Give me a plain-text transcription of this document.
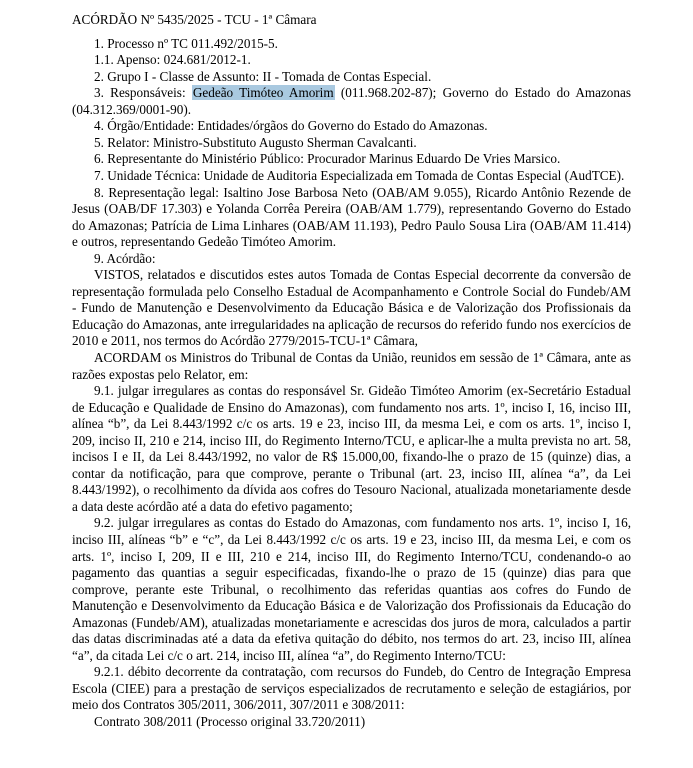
ACÓRDÃO Nº 5435/2025 - TCU - 1ª Câmara

1. Processo nº TC 011.492/2015-5.

1.1. Apenso: 024.681/2012-1.

2. Grupo I - Classe de Assunto: II - Tomada de Contas Especial.

3. Responsáveis: Gedeão Timóteo Amorim (011.968.202-87); Governo do Estado do Amazonas (04.312.369/0001-90).

4. Órgão/Entidade: Entidades/órgãos do Governo do Estado do Amazonas.

5. Relator: Ministro-Substituto Augusto Sherman Cavalcanti.

6. Representante do Ministério Público: Procurador Marinus Eduardo De Vries Marsico.

7. Unidade Técnica: Unidade de Auditoria Especializada em Tomada de Contas Especial (AudTCE).

8. Representação legal: Isaltino Jose Barbosa Neto (OAB/AM 9.055), Ricardo Antônio Rezende de Jesus (OAB/DF 17.303) e Yolanda Corrêa Pereira (OAB/AM 1.779), representando Governo do Estado do Amazonas; Patrícia de Lima Linhares (OAB/AM 11.193), Pedro Paulo Sousa Lira (OAB/AM 11.414) e outros, representando Gedeão Timóteo Amorim.

9. Acórdão:

VISTOS, relatados e discutidos estes autos Tomada de Contas Especial decorrente da conversão de representação formulada pelo Conselho Estadual de Acompanhamento e Controle Social do Fundeb/AM - Fundo de Manutenção e Desenvolvimento da Educação Básica e de Valorização dos Profissionais da Educação do Amazonas, ante irregularidades na aplicação de recursos do referido fundo nos exercícios de 2010 e 2011, nos termos do Acórdão 2779/2015-TCU-1ª Câmara,

ACORDAM os Ministros do Tribunal de Contas da União, reunidos em sessão de 1ª Câmara, ante as razões expostas pelo Relator, em:

9.1. julgar irregulares as contas do responsável Sr. Gideão Timóteo Amorim (ex-Secretário Estadual de Educação e Qualidade de Ensino do Amazonas), com fundamento nos arts. 1º, inciso I, 16, inciso III, alínea “b”, da Lei 8.443/1992 c/c os arts. 19 e 23, inciso III, da mesma Lei, e com os arts. 1º, inciso I, 209, inciso II, 210 e 214, inciso III, do Regimento Interno/TCU, e aplicar-lhe a multa prevista no art. 58, incisos I e II, da Lei 8.443/1992, no valor de R$ 15.000,00, fixando-lhe o prazo de 15 (quinze) dias, a contar da notificação, para que comprove, perante o Tribunal (art. 23, inciso III, alínea “a”, da Lei 8.443/1992), o recolhimento da dívida aos cofres do Tesouro Nacional, atualizada monetariamente desde a data deste acórdão até a data do efetivo pagamento;

9.2. julgar irregulares as contas do Estado do Amazonas, com fundamento nos arts. 1º, inciso I, 16, inciso III, alíneas “b” e “c”, da Lei 8.443/1992 c/c os arts. 19 e 23, inciso III, da mesma Lei, e com os arts. 1º, inciso I, 209, II e III, 210 e 214, inciso III, do Regimento Interno/TCU, condenando-o ao pagamento das quantias a seguir especificadas, fixando-lhe o prazo de 15 (quinze) dias para que comprove, perante este Tribunal, o recolhimento das referidas quantias aos cofres do Fundo de Manutenção e Desenvolvimento da Educação Básica e de Valorização dos Profissionais da Educação do Amazonas (Fundeb/AM), atualizadas monetariamente e acrescidas dos juros de mora, calculados a partir das datas discriminadas até a data da efetiva quitação do débito, nos termos do art. 23, inciso III, alínea “a”, da citada Lei c/c o art. 214, inciso III, alínea “a”, do Regimento Interno/TCU:

9.2.1. débito decorrente da contratação, com recursos do Fundeb, do Centro de Integração Empresa Escola (CIEE) para a prestação de serviços especializados de recrutamento e seleção de estagiários, por meio dos Contratos 305/2011, 306/2011, 307/2011 e 308/2011:

Contrato 308/2011 (Processo original 33.720/2011)
